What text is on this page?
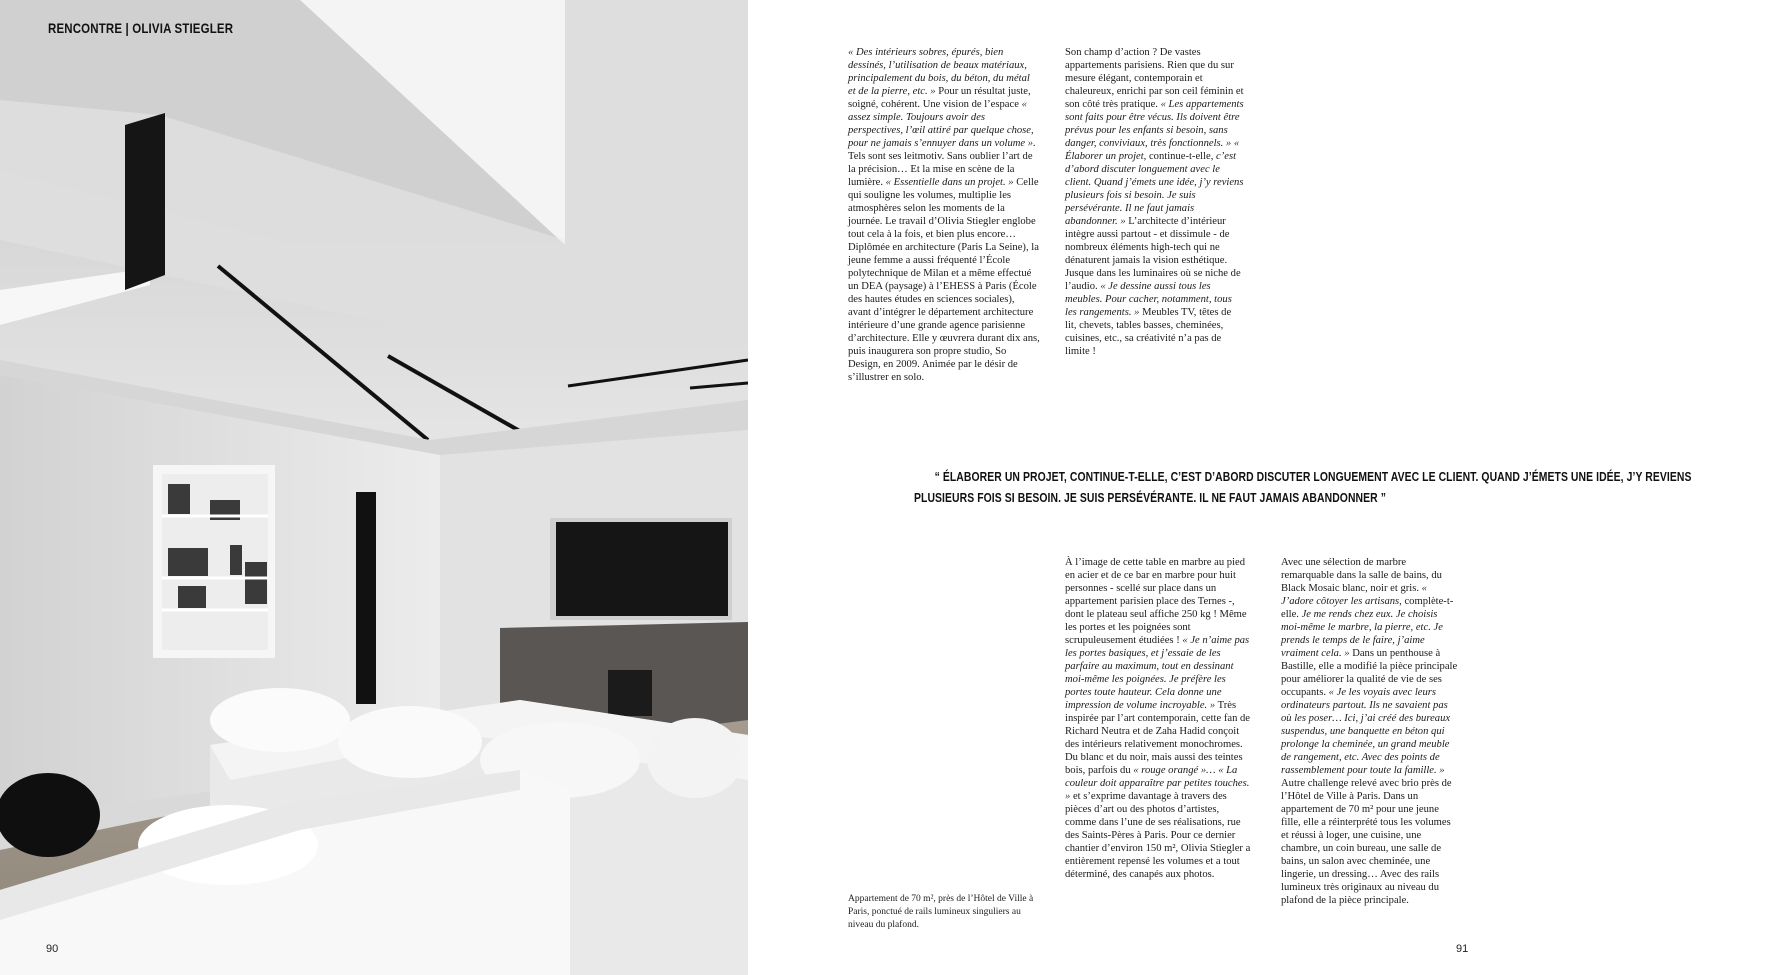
RENCONTRE | OLIVIA STIEGLER
90

« Des intérieurs sobres, épurés, bien dessinés, l’utilisation de beaux matériaux, principalement du bois, du béton, du métal et de la pierre, etc. » Pour un résultat juste, soigné, cohérent. Une vision de l’espace « assez simple. Toujours avoir des perspectives, l’œil attiré par quelque chose, pour ne jamais s’ennuyer dans un volume ». Tels sont ses leitmotiv. Sans oublier l’art de la précision… Et la mise en scène de la lumière. « Essentielle dans un projet. » Celle qui souligne les volumes, multiplie les atmosphères selon les moments de la journée. Le travail d’Olivia Stiegler englobe tout cela à la fois, et bien plus encore… Diplômée en architecture (Paris La Seine), la jeune femme a aussi fréquenté l’École polytechnique de Milan et a même effectué un DEA (paysage) à l’EHESS à Paris (École des hautes études en sciences sociales), avant d’intégrer le département architecture intérieure d’une grande agence parisienne d’architecture. Elle y œuvrera durant dix ans, puis inaugurera son propre studio, So Design, en 2009. Animée par le désir de s’illustrer en solo.

Son champ d’action ? De vastes appartements parisiens. Rien que du sur mesure élégant, contemporain et chaleureux, enrichi par son ceil féminin et son côté très pratique. « Les appartements sont faits pour être vécus. Ils doivent être prévus pour les enfants si besoin, sans danger, conviviaux, très fonctionnels. » « Élaborer un projet, continue-t-elle, c’est d’abord discuter longuement avec le client. Quand j’émets une idée, j’y reviens plusieurs fois si besoin. Je suis persévérante. Il ne faut jamais abandonner. » L’architecte d’intérieur intègre aussi partout - et dissimule - de nombreux éléments high-tech qui ne dénaturent jamais la vision esthétique. Jusque dans les luminaires où se niche de l’audio. « Je dessine aussi tous les meubles. Pour cacher, notamment, tous les rangements. » Meubles TV, têtes de lit, chevets, tables basses, cheminées, cuisines, etc., sa créativité n’a pas de limite !

“ ÉLABORER UN PROJET, CONTINUE-T-ELLE, C’EST D’ABORD DISCUTER LONGUEMENT AVEC LE CLIENT. QUAND J’ÉMETS UNE IDÉE, J’Y REVIENS
PLUSIEURS FOIS SI BESOIN. JE SUIS PERSÉVÉRANTE. IL NE FAUT JAMAIS ABANDONNER ”

À l’image de cette table en marbre au pied en acier et de ce bar en marbre pour huit personnes - scellé sur place dans un appartement parisien place des Ternes -, dont le plateau seul affiche 250 kg ! Même les portes et les poignées sont scrupuleusement étudiées ! « Je n’aime pas les portes basiques, et j’essaie de les parfaire au maximum, tout en dessinant moi-même les poignées. Je préfère les portes toute hauteur. Cela donne une impression de volume incroyable. » Très inspirée par l’art contemporain, cette fan de Richard Neutra et de Zaha Hadid conçoit des intérieurs relativement monochromes. Du blanc et du noir, mais aussi des teintes bois, parfois du « rouge orangé »… « La couleur doit apparaître par petites touches. » et s’exprime davantage à travers des pièces d’art ou des photos d’artistes, comme dans l’une de ses réalisations, rue des Saints-Pères à Paris. Pour ce dernier chantier d’environ 150 m², Olivia Stiegler a entièrement repensé les volumes et a tout déterminé, des canapés aux photos.

Avec une sélection de marbre remarquable dans la salle de bains, du Black Mosaic blanc, noir et gris. « J’adore côtoyer les artisans, complète-t-elle. Je me rends chez eux. Je choisis moi-même le marbre, la pierre, etc. Je prends le temps de le faire, j’aime vraiment cela. » Dans un penthouse à Bastille, elle a modifié la pièce principale pour améliorer la qualité de vie de ses occupants. « Je les voyais avec leurs ordinateurs partout. Ils ne savaient pas où les poser… Ici, j’ai créé des bureaux suspendus, une banquette en béton qui prolonge la cheminée, un grand meuble de rangement, etc. Avec des points de rassemblement pour toute la famille. » Autre challenge relevé avec brio près de l’Hôtel de Ville à Paris. Dans un appartement de 70 m² pour une jeune fille, elle a réinterprété tous les volumes et réussi à loger, une cuisine, une chambre, un coin bureau, une salle de bains, un salon avec cheminée, une lingerie, un dressing… Avec des rails lumineux très originaux au niveau du plafond de la pièce principale.

Appartement de 70 m², près de l’Hôtel de Ville à Paris, ponctué de rails lumineux singuliers au niveau du plafond.
91
